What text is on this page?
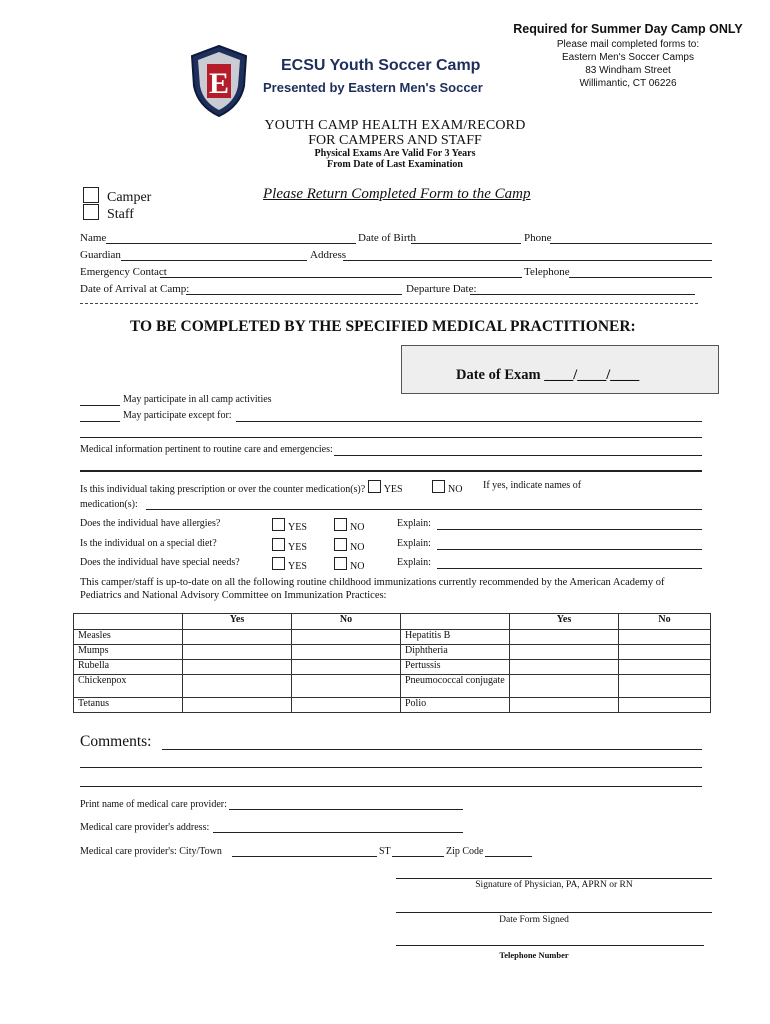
Required for Summer Day Camp ONLY
Please mail completed forms to:
Eastern Men's Soccer Camps
83 Windham Street
Willimantic, CT 06226
E
ECSU Youth Soccer Camp
Presented by Eastern Men's Soccer
YOUTH CAMP HEALTH EXAM/RECORD
FOR CAMPERS AND STAFF
Physical Exams Are Valid For 3 Years
From Date of Last Examination
Camper
Staff
Please Return Completed Form to the Camp
Name	Date of Birth	Phone
Guardian	Address
Emergency Contact	Telephone
Date of Arrival at Camp:	Departure Date:
TO BE COMPLETED BY THE SPECIFIED MEDICAL PRACTITIONER:
Date of Exam ____/____/____
May participate in all camp activities
May participate except for:
Medical information pertinent to routine care and emergencies:
Is this individual taking prescription or over the counter medication(s)? YES	NO If yes, indicate names of
medication(s):
Does the individual have allergies?	YES	NO	Explain:
Is the individual on a special diet?	YES	NO	Explain:
Does the individual have special needs?	YES	NO	Explain:
This camper/staff is up-to-date on all the following routine childhood immunizations currently recommended by the American Academy of Pediatrics and National Advisory Committee on Immunization Practices:
	Yes	No		Yes	No
Measles			Hepatitis B		
Mumps			Diphtheria		
Rubella			Pertussis		
Chickenpox			Pneumococcal conjugate		
Tetanus			Polio		
Comments:
Print name of medical care provider:
Medical care provider's address:
Medical care provider's: City/Town	ST	Zip Code
Signature of Physician, PA, APRN or RN
Date Form Signed
Telephone Number
